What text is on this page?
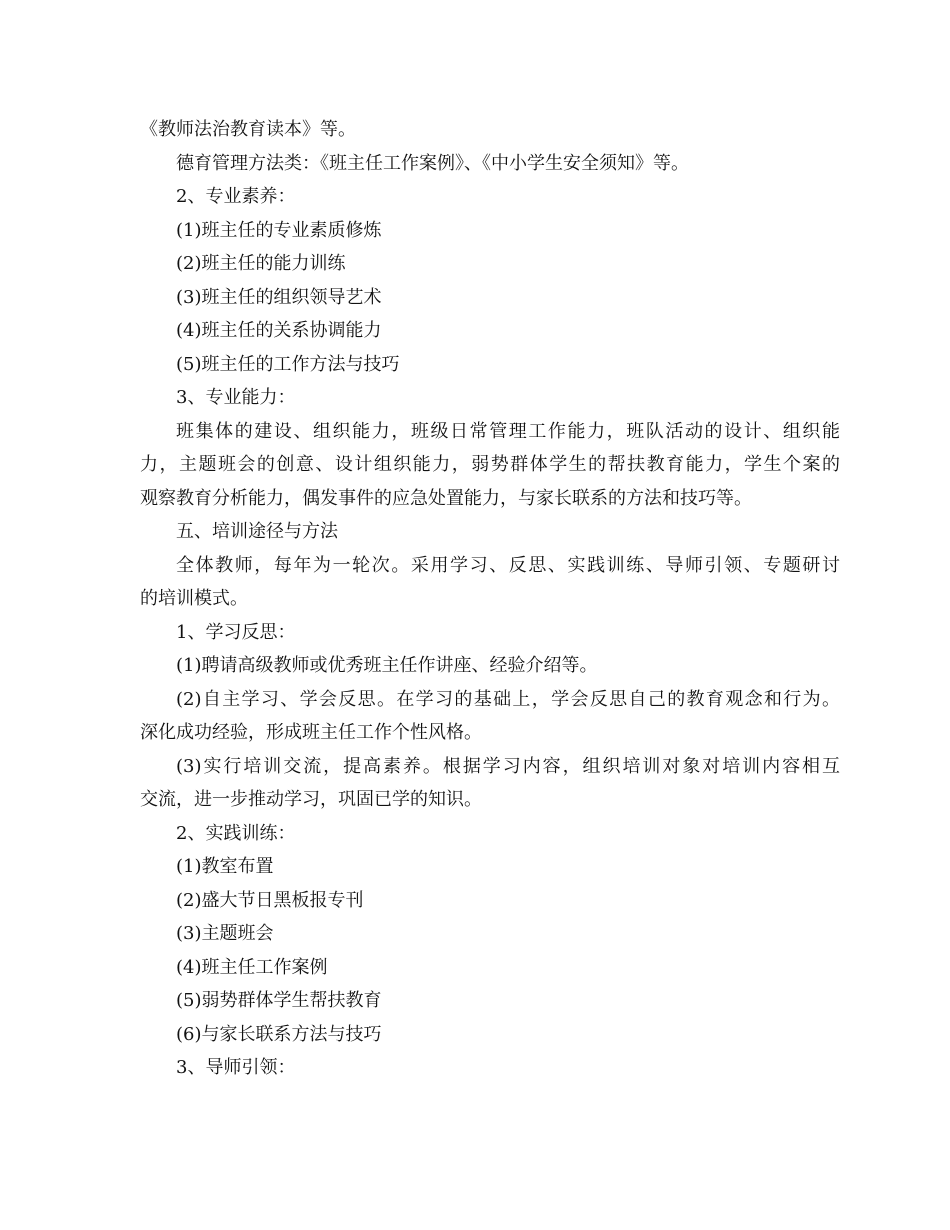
《教师法治教育读本》等。
德育管理方法类：《班主任工作案例》、《中小学生安全须知》等。
2、专业素养：
(1)班主任的专业素质修炼
(2)班主任的能力训练
(3)班主任的组织领导艺术
(4)班主任的关系协调能力
(5)班主任的工作方法与技巧
3、专业能力：
班集体的建设、组织能力，班级日常管理工作能力，班队活动的设计、组织能
力，主题班会的创意、设计组织能力，弱势群体学生的帮扶教育能力，学生个案的
观察教育分析能力，偶发事件的应急处置能力，与家长联系的方法和技巧等。
五、培训途径与方法
全体教师，每年为一轮次。采用学习、反思、实践训练、导师引领、专题研讨
的培训模式。
1、学习反思：
(1)聘请高级教师或优秀班主任作讲座、经验介绍等。
(2)自主学习、学会反思。在学习的基础上，学会反思自己的教育观念和行为。
深化成功经验，形成班主任工作个性风格。
(3)实行培训交流，提高素养。根据学习内容，组织培训对象对培训内容相互
交流，进一步推动学习，巩固已学的知识。
2、实践训练：
(1)教室布置
(2)盛大节日黑板报专刊
(3)主题班会
(4)班主任工作案例
(5)弱势群体学生帮扶教育
(6)与家长联系方法与技巧
3、导师引领：
